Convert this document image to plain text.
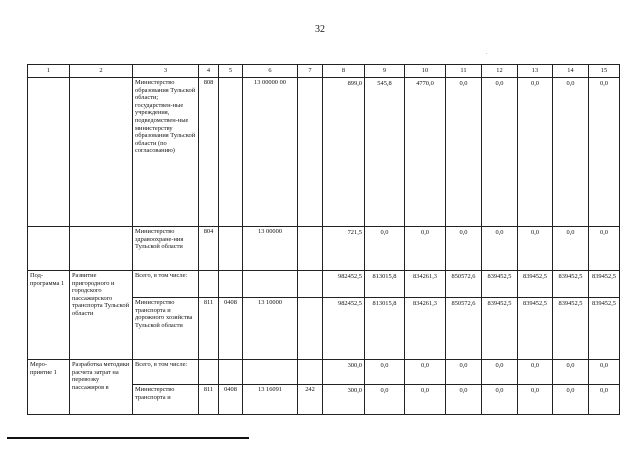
32
.
1	2	3	4	5	6	7	8	9	10	11	12	13	14	15
		Министерство образования Тульской области; государствен-ные учреждения, подведомствен-ные министерству образования Тульской области (по согласованию)	808		13 00000 00		899,0	545,8	4770,0	0,0	0,0	0,0	0,0	0,0
		Министерство здравоохране-ния Тульской области	804		13 00000		721,5	0,0	0,0	0,0	0,0	0,0	0,0	0,0
Под-программа 1	Развитие пригородного и городского пассажирского транспорта Тульской области	Всего, в том числе:					982452,5	813015,8	834261,3	850572,6	839452,5	839452,5	839452,5	839452,5
		Министерство транспорта и дорожного хозяйства Тульской области	811	0408	13 10000		982452,5	813015,8	834261,3	850572,6	839452,5	839452,5	839452,5	839452,5
Меро-приятие 1	Разработка методики расчета затрат на перевозку пассажиров в	Всего, в том числе:					300,0	0,0	0,0	0,0	0,0	0,0	0,0	0,0
		Министерство транспорта и	811	0408	13 16091	242	300,0	0,0	0,0	0,0	0,0	0,0	0,0	0,0
